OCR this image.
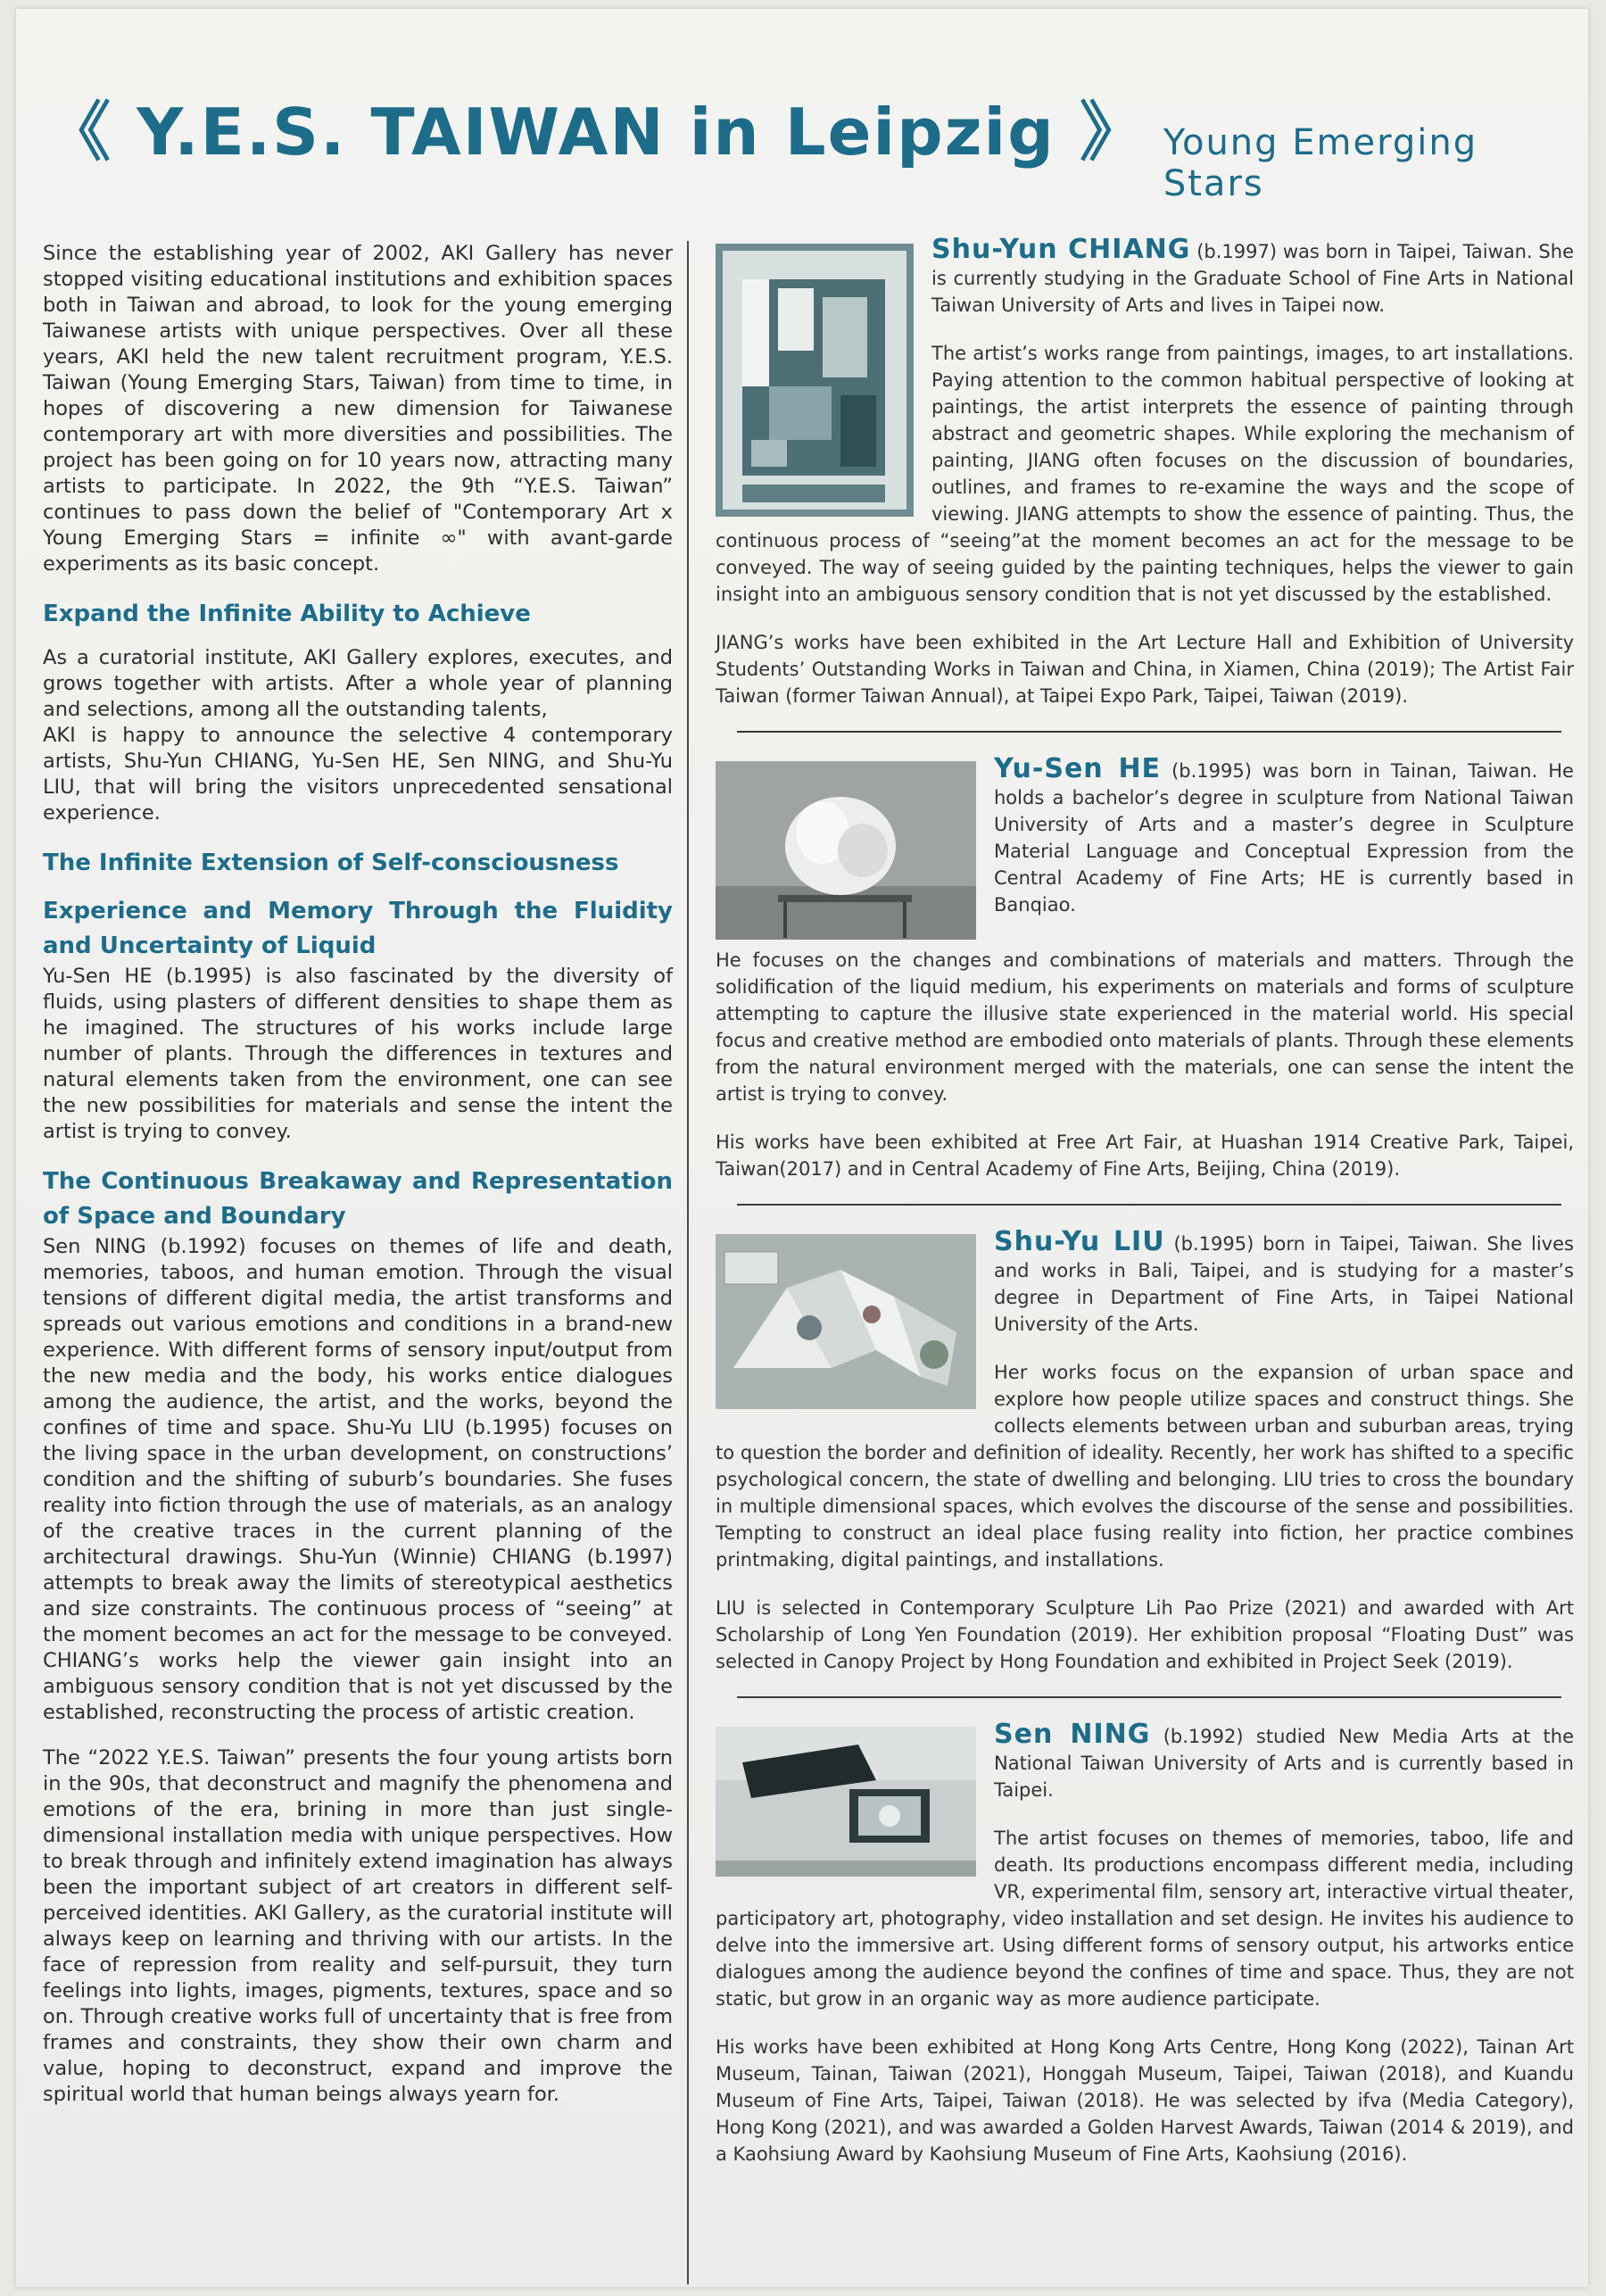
《 Y.E.S. TAIWAN in Leipzig 》 Young Emerging Stars

Since the establishing year of 2002, AKI Gallery has never stopped visiting educational institutions and exhibition spaces both in Taiwan and abroad, to look for the young emerging Taiwanese artists with unique perspectives. Over all these years, AKI held the new talent recruitment program, Y.E.S. Taiwan (Young Emerging Stars, Taiwan) from time to time, in hopes of discovering a new dimension for Taiwanese contemporary art with more diversities and possibilities. The project has been going on for 10 years now, attracting many artists to participate. In 2022, the 9th “Y.E.S. Taiwan” continues to pass down the belief of "Contemporary Art x Young Emerging Stars = infinite ∞" with avant-garde experiments as its basic concept.

Expand the Infinite Ability to Achieve

As a curatorial institute, AKI Gallery explores, executes, and grows together with artists. After a whole year of planning and selections, among all the outstanding talents,

AKI is happy to announce the selective 4 contemporary artists, Shu-Yun CHIANG, Yu-Sen HE, Sen NING, and Shu-Yu LIU, that will bring the visitors unprecedented sensational experience.

The Infinite Extension of Self-consciousness
Experience and Memory Through the Fluidity and Uncertainty of Liquid

Yu-Sen HE (b.1995) is also fascinated by the diversity of fluids, using plasters of different densities to shape them as he imagined. The structures of his works include large number of plants. Through the differences in textures and natural elements taken from the environment, one can see the new possibilities for materials and sense the intent the artist is trying to convey.

The Continuous Breakaway and Representation of Space and Boundary

Sen NING (b.1992) focuses on themes of life and death, memories, taboos, and human emotion. Through the visual tensions of different digital media, the artist transforms and spreads out various emotions and conditions in a brand-new experience. With different forms of sensory input/output from the new media and the body, his works entice dialogues among the audience, the artist, and the works, beyond the confines of time and space. Shu-Yu LIU (b.1995) focuses on the living space in the urban development, on constructions’ condition and the shifting of suburb’s boundaries. She fuses reality into fiction through the use of materials, as an analogy of the creative traces in the current planning of the architectural drawings. Shu-Yun (Winnie) CHIANG (b.1997) attempts to break away the limits of stereotypical aesthetics and size constraints. The continuous process of “seeing” at the moment becomes an act for the message to be conveyed. CHIANG’s works help the viewer gain insight into an ambiguous sensory condition that is not yet discussed by the established, reconstructing the process of artistic creation.

The “2022 Y.E.S. Taiwan” presents the four young artists born in the 90s, that deconstruct and magnify the phenomena and emotions of the era, brining in more than just single-dimensional installation media with unique perspectives. How to break through and infinitely extend imagination has always been the important subject of art creators in different self-perceived identities. AKI Gallery, as the curatorial institute will always keep on learning and thriving with our artists. In the face of repression from reality and self-pursuit, they turn feelings into lights, images, pigments, textures, space and so on. Through creative works full of uncertainty that is free from frames and constraints, they show their own charm and value, hoping to deconstruct, expand and improve the spiritual world that human beings always yearn for.

Shu-Yun CHIANG (b.1997) was born in Taipei, Taiwan. She is currently studying in the Graduate School of Fine Arts in National Taiwan University of Arts and lives in Taipei now.

The artist’s works range from paintings, images, to art installations. Paying attention to the common habitual perspective of looking at paintings, the artist interprets the essence of painting through abstract and geometric shapes. While exploring the mechanism of painting, JIANG often focuses on the discussion of boundaries, outlines, and frames to re-examine the ways and the scope of viewing. JIANG attempts to show the essence of painting. Thus, the continuous process of “seeing”at the moment becomes an act for the message to be conveyed. The way of seeing guided by the painting techniques, helps the viewer to gain insight into an ambiguous sensory condition that is not yet discussed by the established.

JIANG’s works have been exhibited in the Art Lecture Hall and Exhibition of University Students’ Outstanding Works in Taiwan and China, in Xiamen, China (2019); The Artist Fair Taiwan (former Taiwan Annual), at Taipei Expo Park, Taipei, Taiwan (2019).

Yu-Sen HE (b.1995) was born in Tainan, Taiwan. He holds a bachelor’s degree in sculpture from National Taiwan University of Arts and a master’s degree in Sculpture Material Language and Conceptual Expression from the Central Academy of Fine Arts; HE is currently based in Banqiao.

He focuses on the changes and combinations of materials and matters. Through the solidification of the liquid medium, his experiments on materials and forms of sculpture attempting to capture the illusive state experienced in the material world. His special focus and creative method are embodied onto materials of plants. Through these elements from the natural environment merged with the materials, one can sense the intent the artist is trying to convey.

His works have been exhibited at Free Art Fair, at Huashan 1914 Creative Park, Taipei, Taiwan(2017) and in Central Academy of Fine Arts, Beijing, China (2019).

Shu-Yu LIU (b.1995) born in Taipei, Taiwan. She lives and works in Bali, Taipei, and is studying for a master’s degree in Department of Fine Arts, in Taipei National University of the Arts.

Her works focus on the expansion of urban space and explore how people utilize spaces and construct things. She collects elements between urban and suburban areas, trying to question the border and definition of ideality. Recently, her work has shifted to a specific psychological concern, the state of dwelling and belonging. LIU tries to cross the boundary in multiple dimensional spaces, which evolves the discourse of the sense and possibilities. Tempting to construct an ideal place fusing reality into fiction, her practice combines printmaking, digital paintings, and installations.

LIU is selected in Contemporary Sculpture Lih Pao Prize (2021) and awarded with Art Scholarship of Long Yen Foundation (2019). Her exhibition proposal “Floating Dust” was selected in Canopy Project by Hong Foundation and exhibited in Project Seek (2019).

Sen NING (b.1992) studied New Media Arts at the National Taiwan University of Arts and is currently based in Taipei.

The artist focuses on themes of memories, taboo, life and death. Its productions encompass different media, including VR, experimental film, sensory art, interactive virtual theater, participatory art, photography, video installation and set design. He invites his audience to delve into the immersive art. Using different forms of sensory output, his artworks entice dialogues among the audience beyond the confines of time and space. Thus, they are not static, but grow in an organic way as more audience participate.

His works have been exhibited at Hong Kong Arts Centre, Hong Kong (2022), Tainan Art Museum, Tainan, Taiwan (2021), Honggah Museum, Taipei, Taiwan (2018), and Kuandu Museum of Fine Arts, Taipei, Taiwan (2018). He was selected by ifva (Media Category), Hong Kong (2021), and was awarded a Golden Harvest Awards, Taiwan (2014 & 2019), and a Kaohsiung Award by Kaohsiung Museum of Fine Arts, Kaohsiung (2016).
